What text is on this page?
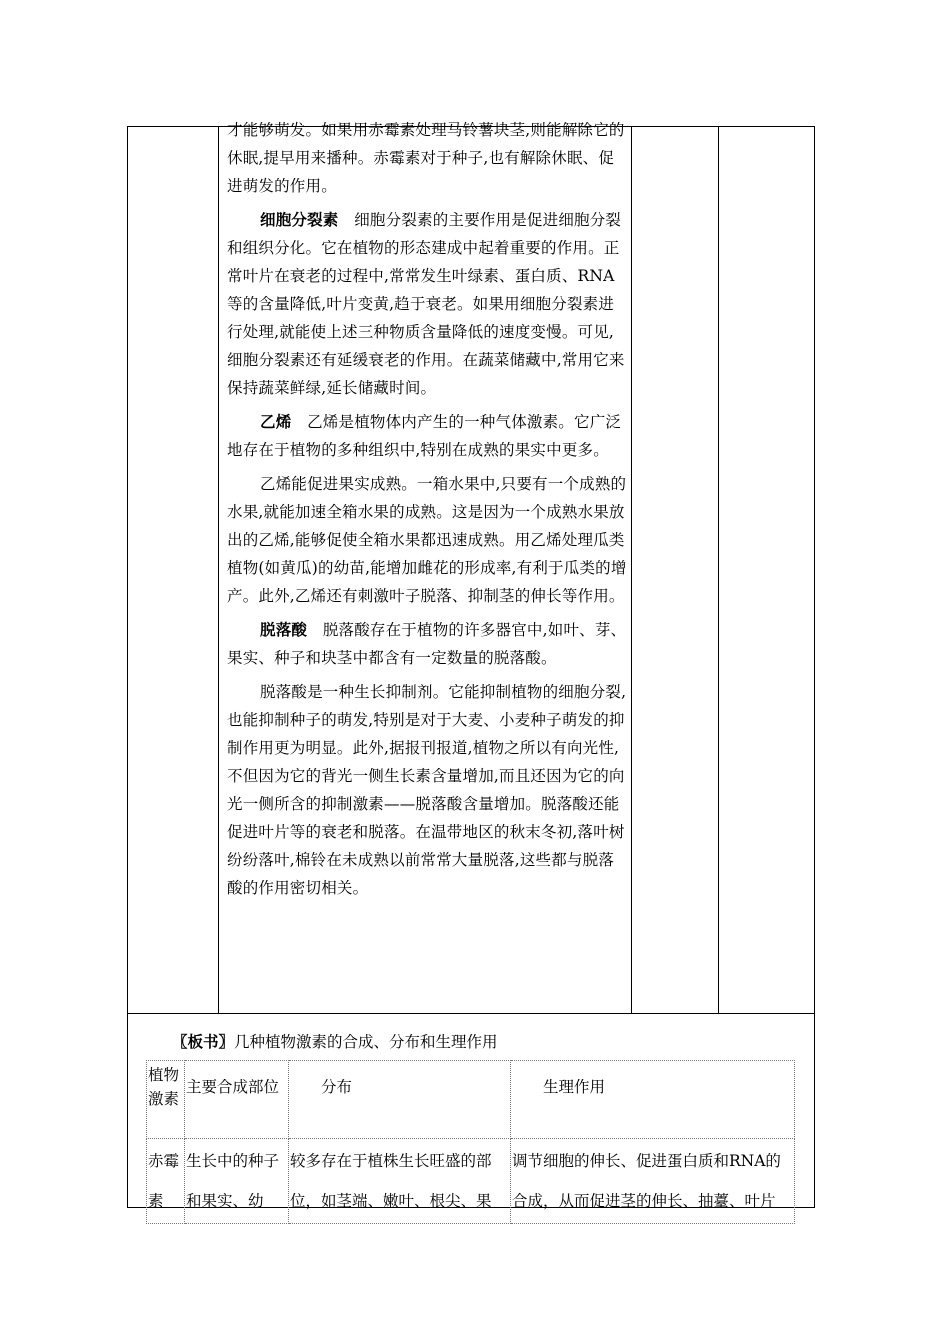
才能够萌发。如果用赤霉素处理马铃薯块茎,则能解除它的休眠,提早用来播种。赤霉素对于种子,也有解除休眠、促进萌发的作用。

细胞分裂素  细胞分裂素的主要作用是促进细胞分裂和组织分化。它在植物的形态建成中起着重要的作用。正常叶片在衰老的过程中,常常发生叶绿素、蛋白质、RNA等的含量降低,叶片变黄,趋于衰老。如果用细胞分裂素进行处理,就能使上述三种物质含量降低的速度变慢。可见,细胞分裂素还有延缓衰老的作用。在蔬菜储藏中,常用它来保持蔬菜鲜绿,延长储藏时间。

乙烯  乙烯是植物体内产生的一种气体激素。它广泛地存在于植物的多种组织中,特别在成熟的果实中更多。

乙烯能促进果实成熟。一箱水果中,只要有一个成熟的水果,就能加速全箱水果的成熟。这是因为一个成熟水果放出的乙烯,能够促使全箱水果都迅速成熟。用乙烯处理瓜类植物(如黄瓜)的幼苗,能增加雌花的形成率,有利于瓜类的增产。此外,乙烯还有刺激叶子脱落、抑制茎的伸长等作用。

脱落酸  脱落酸存在于植物的许多器官中,如叶、芽、果实、种子和块茎中都含有一定数量的脱落酸。

脱落酸是一种生长抑制剂。它能抑制植物的细胞分裂,也能抑制种子的萌发,特别是对于大麦、小麦种子萌发的抑制作用更为明显。此外,据报刊报道,植物之所以有向光性,不但因为它的背光一侧生长素含量增加,而且还因为它的向光一侧所含的抑制激素——脱落酸含量增加。脱落酸还能促进叶片等的衰老和脱落。在温带地区的秋末冬初,落叶树纷纷落叶,棉铃在未成熟以前常常大量脱落,这些都与脱落酸的作用密切相关。

〖板书〗几种植物激素的合成、分布和生理作用
植物激素	主要合成部位	分布	生理作用
赤霉素	生长中的种子和果实、幼	较多存在于植株生长旺盛的部位，如茎端、嫩叶、根尖、果	调节细胞的伸长、促进蛋白质和RNA的合成，从而促进茎的伸长、抽薹、叶片
